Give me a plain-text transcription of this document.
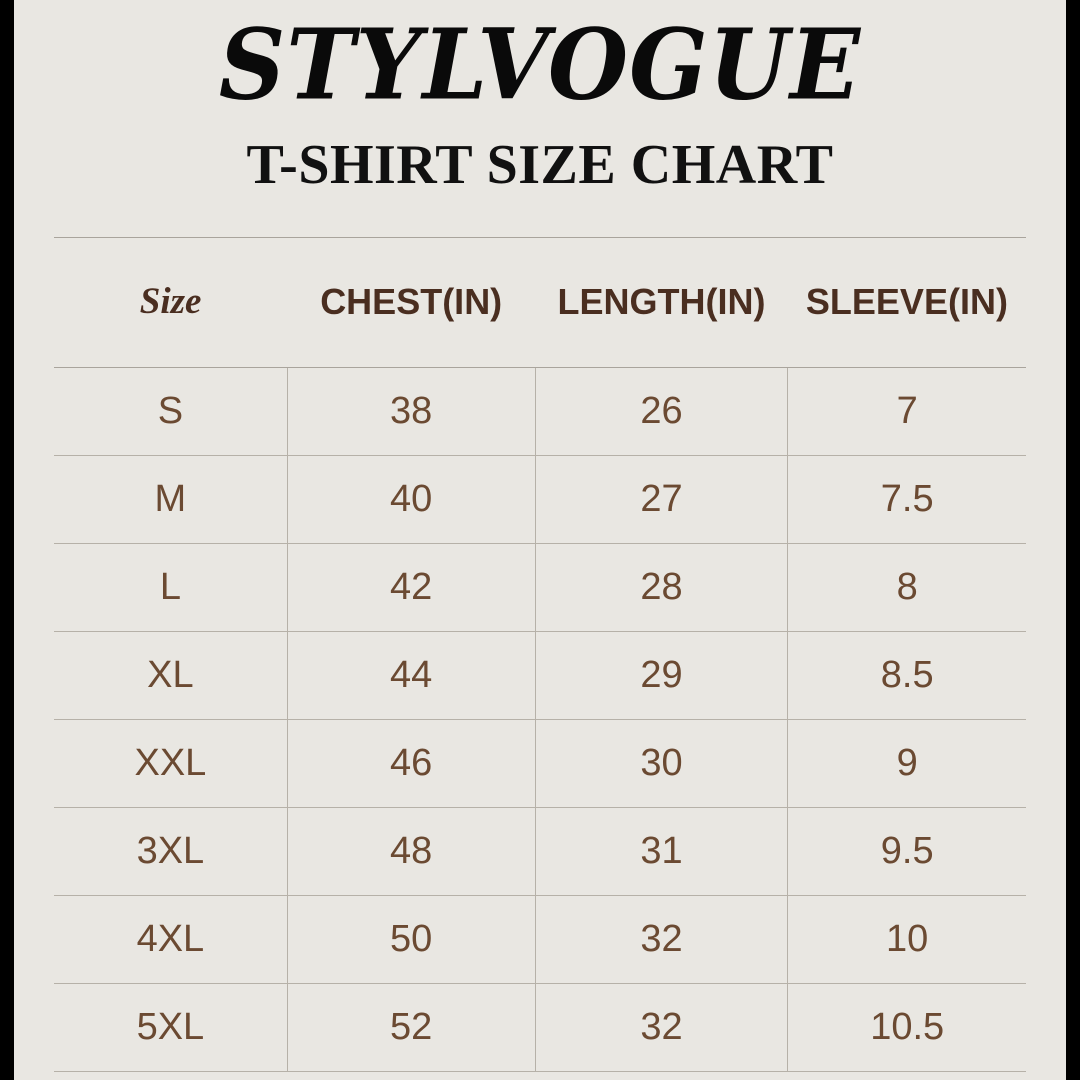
STYLVOGUE
T-SHIRT SIZE CHART
Size	CHEST(IN)	LENGTH(IN)	SLEEVE(IN)
S	38	26	7
M	40	27	7.5
L	42	28	8
XL	44	29	8.5
XXL	46	30	9
3XL	48	31	9.5
4XL	50	32	10
5XL	52	32	10.5
